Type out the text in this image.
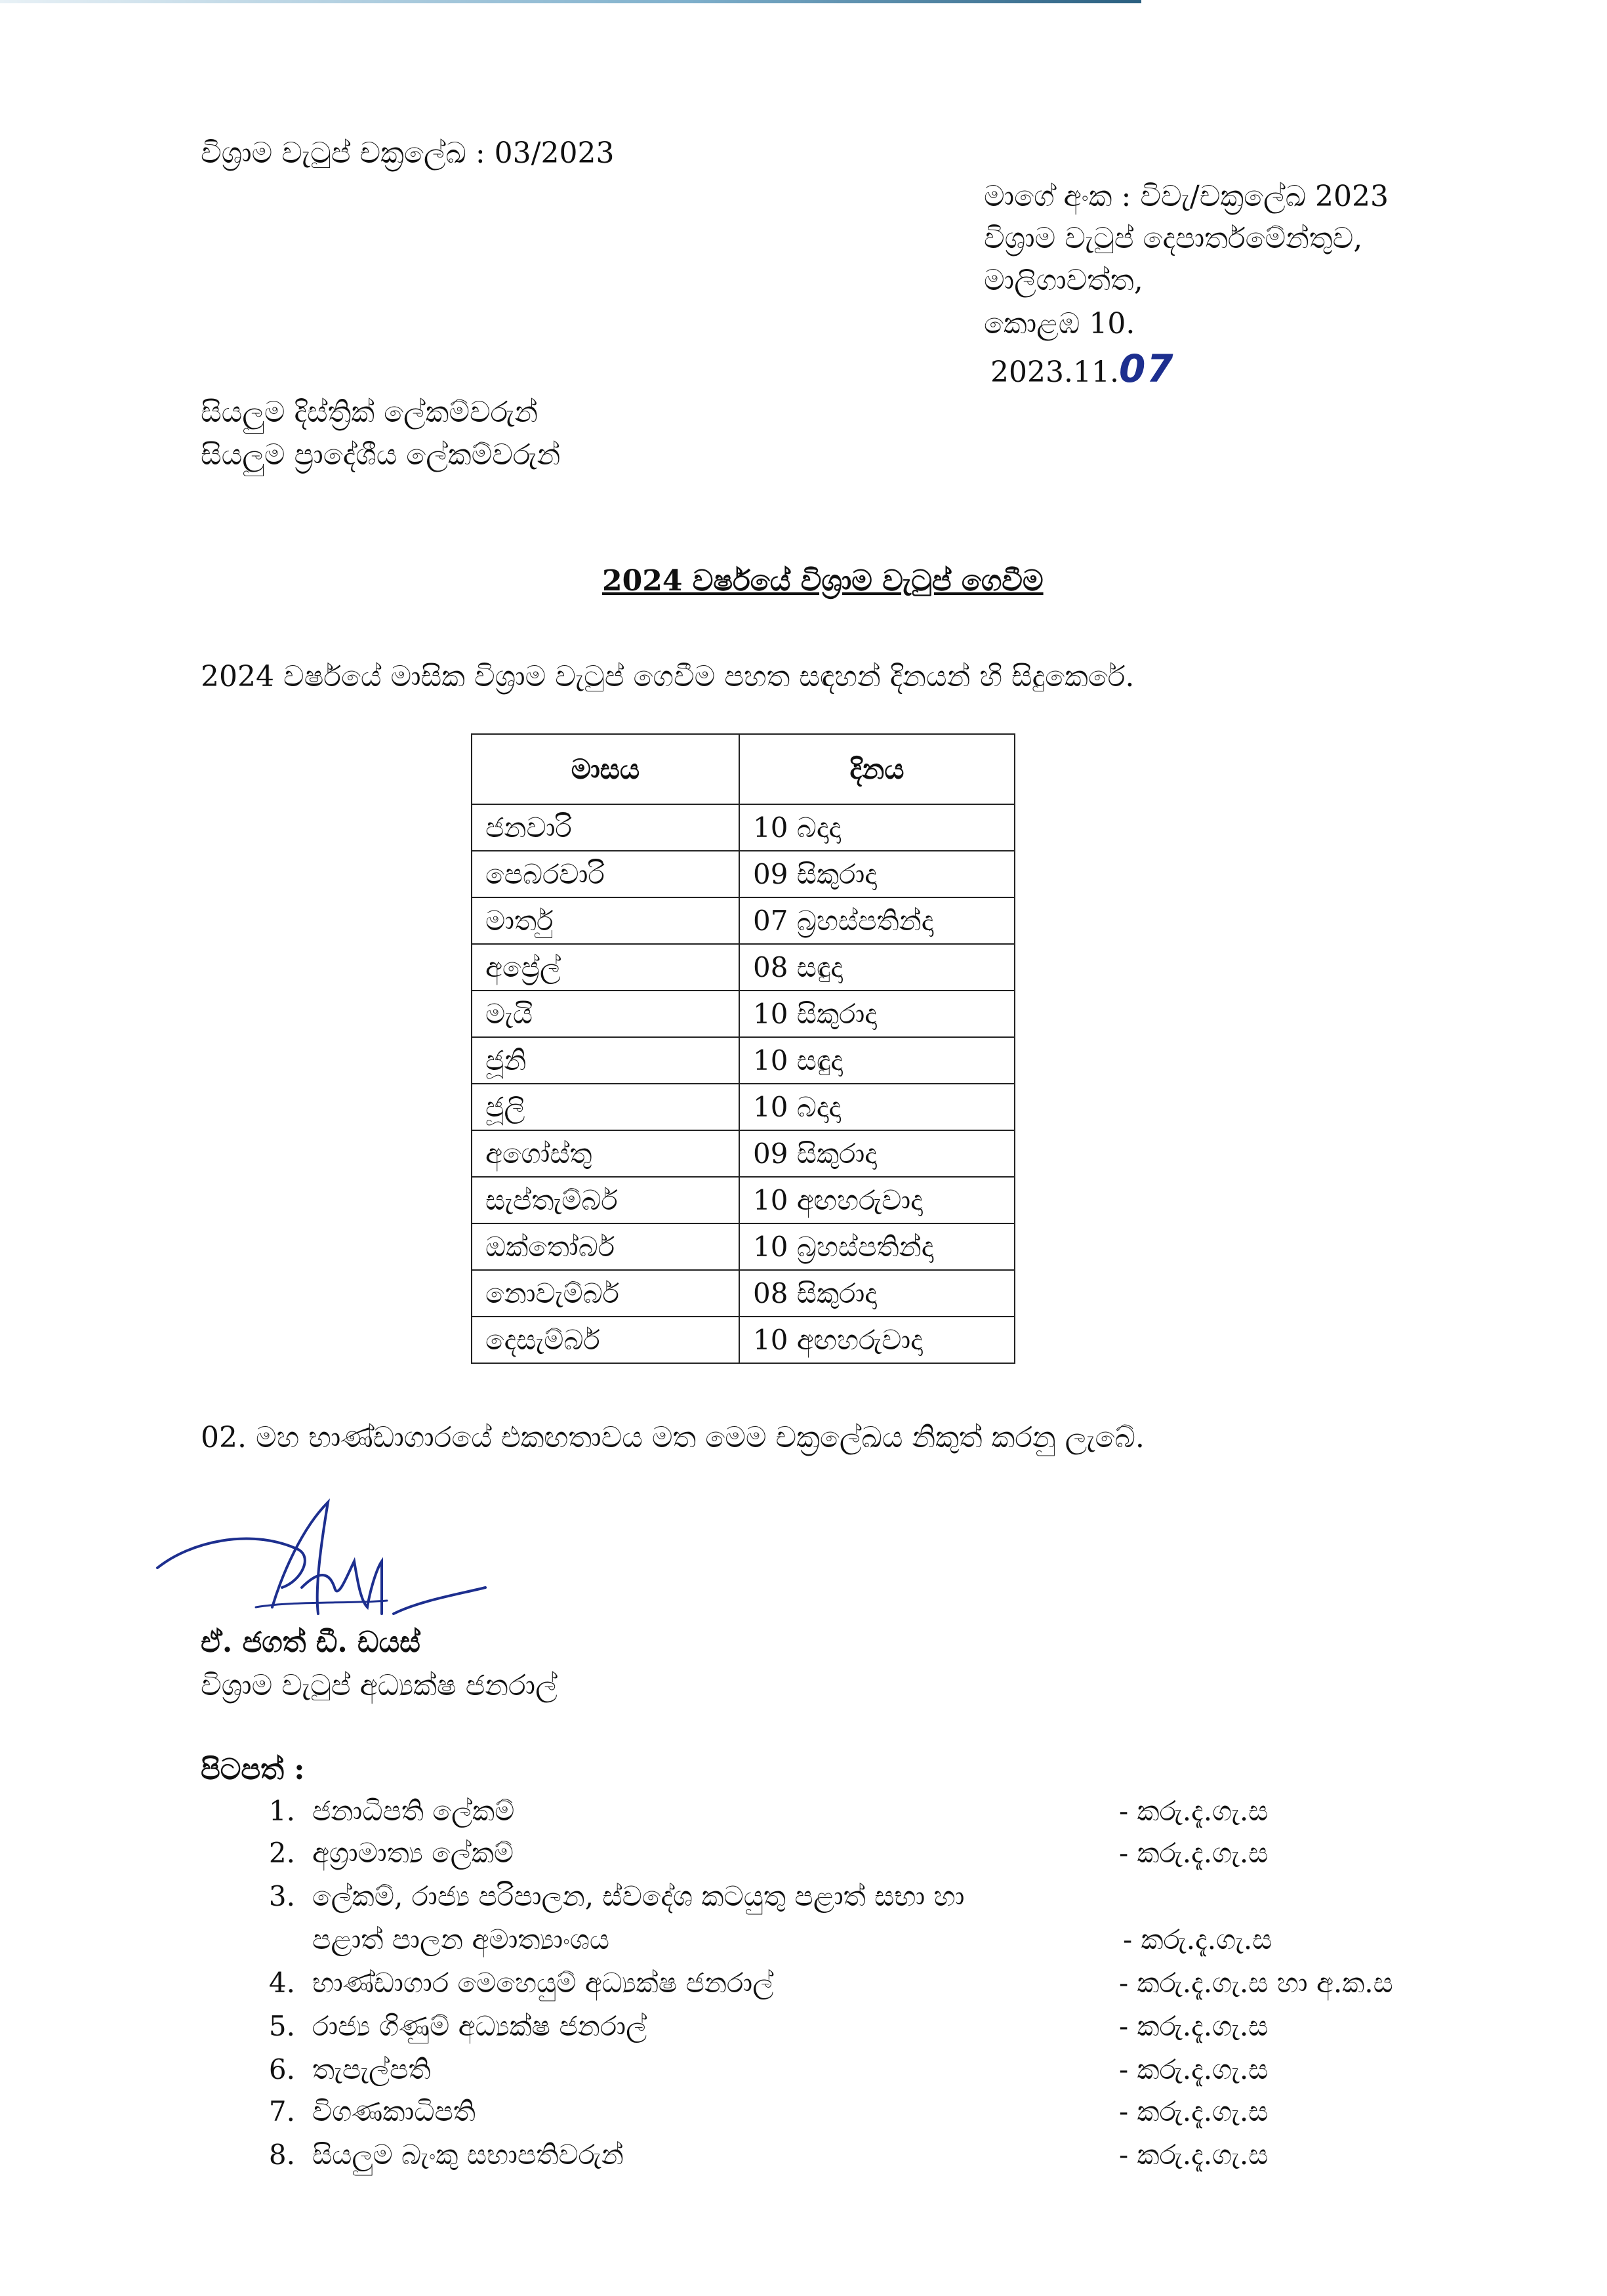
විශ්‍රාම වැටුප් චක්‍රලේඛ : 03/2023
මාගේ අංක : විවැ/චක්‍රලේඛ 2023
විශ්‍රාම වැටුප් දෙපාර්තමේන්තුව,
මාලිගාවත්ත,
කොළඹ 10.
2023.11.07
සියලුම දිස්ත්‍රික් ලේකම්වරුන්
සියලුම ප්‍රාදේශීය ලේකම්වරුන්
2024 වර්ෂයේ විශ්‍රාම වැටුප් ගෙවීම
2024 වර්ෂයේ මාසික විශ්‍රාම වැටුප් ගෙවීම පහත සඳහන් දිනයන් හි සිදුකෙරේ.
මාසය	දිනය
ජනවාරි	10 බදාදා
පෙබරවාරි	09 සිකුරාදා
මාර්තු	07 බ්‍රහස්පතින්දා
අප්‍රේල්	08 සඳුදා
මැයි	10 සිකුරාදා
ජූනි	10 සඳුදා
ජූලි	10 බදාදා
අගෝස්තු	09 සිකුරාදා
සැප්තැම්බර්	10 අඟහරුවාදා
ඔක්තෝබර්	10 බ්‍රහස්පතින්දා
නොවැම්බර්	08 සිකුරාදා
දෙසැම්බර්	10 අඟහරුවාදා
02. මහ භාණ්ඩාගාරයේ එකඟතාවය මත මෙම චක්‍රලේඛය නිකුත් කරනු ලැබේ.
ඒ. ජගත් ඩී. ඩයස්
විශ්‍රාම වැටුප් අධ්‍යක්ෂ ජනරාල්
පිටපත් :
1. ජනාධිපති ලේකම්	- කරු.දැ.ගැ.ස
2. අග්‍රාමාත්‍ය ලේකම්	- කරු.දැ.ගැ.ස
3. ලේකම්, රාජ්‍ය පරිපාලන, ස්වදේශ කටයුතු පළාත් සභා හා
පළාත් පාලන අමාත්‍යාංශය	- කරු.දැ.ගැ.ස
4. භාණ්ඩාගාර මෙහෙයුම් අධ්‍යක්ෂ ජනරාල්	- කරු.දැ.ගැ.ස හා අ.ක.ස
5. රාජ්‍ය ගිණුම් අධ්‍යක්ෂ ජනරාල්	- කරු.දැ.ගැ.ස
6. තැපැල්පති	- කරු.දැ.ගැ.ස
7. විගණකාධිපති	- කරු.දැ.ගැ.ස
8. සියලුම බැංකු සභාපතිවරුන්	- කරු.දැ.ගැ.ස
